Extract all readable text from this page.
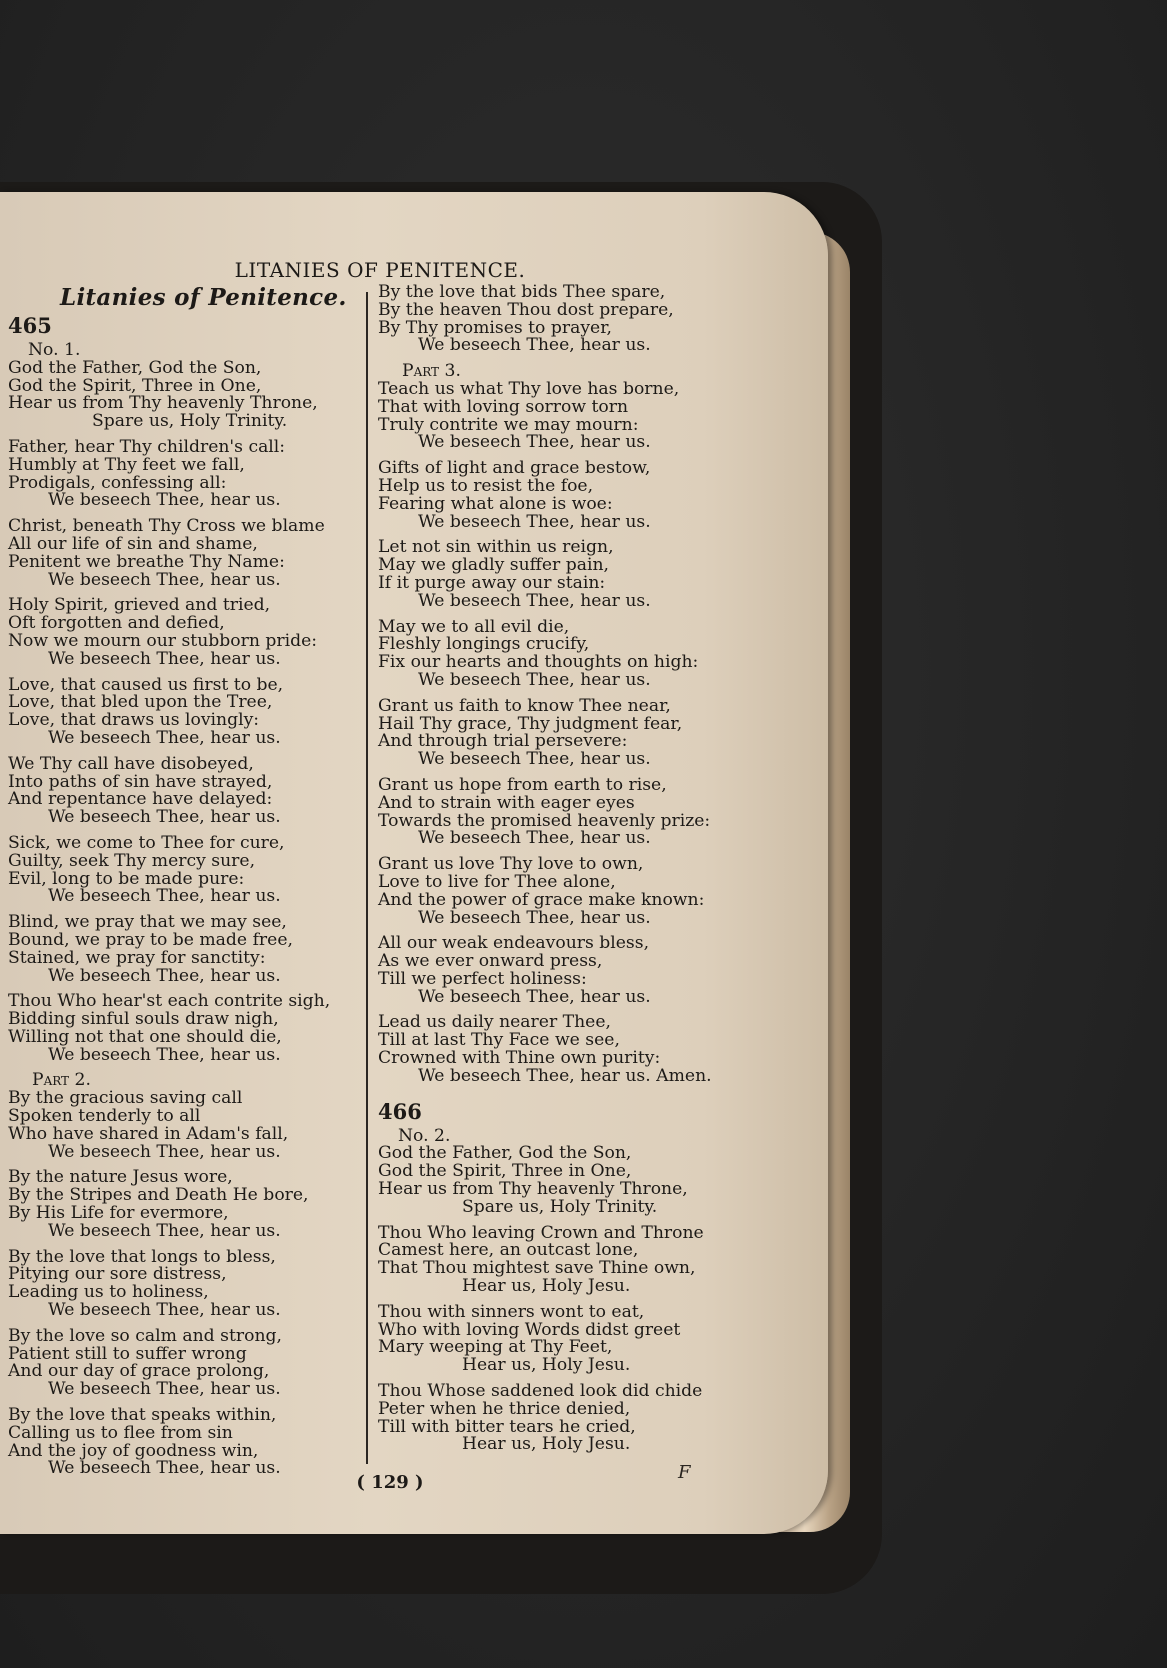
LITANIES OF PENITENCE.
Litanies of Penitence.
465
No. 1.
God the Father, God the Son,
God the Spirit, Three in One,
Hear us from Thy heavenly Throne,
Spare us, Holy Trinity.
Father, hear Thy children's call:
Humbly at Thy feet we fall,
Prodigals, confessing all:
We beseech Thee, hear us.
Christ, beneath Thy Cross we blame
All our life of sin and shame,
Penitent we breathe Thy Name:
We beseech Thee, hear us.
Holy Spirit, grieved and tried,
Oft forgotten and defied,
Now we mourn our stubborn pride:
We beseech Thee, hear us.
Love, that caused us first to be,
Love, that bled upon the Tree,
Love, that draws us lovingly:
We beseech Thee, hear us.
We Thy call have disobeyed,
Into paths of sin have strayed,
And repentance have delayed:
We beseech Thee, hear us.
Sick, we come to Thee for cure,
Guilty, seek Thy mercy sure,
Evil, long to be made pure:
We beseech Thee, hear us.
Blind, we pray that we may see,
Bound, we pray to be made free,
Stained, we pray for sanctity:
We beseech Thee, hear us.
Thou Who hear'st each contrite sigh,
Bidding sinful souls draw nigh,
Willing not that one should die,
We beseech Thee, hear us.
Part 2.
By the gracious saving call
Spoken tenderly to all
Who have shared in Adam's fall,
We beseech Thee, hear us.
By the nature Jesus wore,
By the Stripes and Death He bore,
By His Life for evermore,
We beseech Thee, hear us.
By the love that longs to bless,
Pitying our sore distress,
Leading us to holiness,
We beseech Thee, hear us.
By the love so calm and strong,
Patient still to suffer wrong
And our day of grace prolong,
We beseech Thee, hear us.
By the love that speaks within,
Calling us to flee from sin
And the joy of goodness win,
We beseech Thee, hear us.
By the love that bids Thee spare,
By the heaven Thou dost prepare,
By Thy promises to prayer,
We beseech Thee, hear us.
Part 3.
Teach us what Thy love has borne,
That with loving sorrow torn
Truly contrite we may mourn:
We beseech Thee, hear us.
Gifts of light and grace bestow,
Help us to resist the foe,
Fearing what alone is woe:
We beseech Thee, hear us.
Let not sin within us reign,
May we gladly suffer pain,
If it purge away our stain:
We beseech Thee, hear us.
May we to all evil die,
Fleshly longings crucify,
Fix our hearts and thoughts on high:
We beseech Thee, hear us.
Grant us faith to know Thee near,
Hail Thy grace, Thy judgment fear,
And through trial persevere:
We beseech Thee, hear us.
Grant us hope from earth to rise,
And to strain with eager eyes
Towards the promised heavenly prize:
We beseech Thee, hear us.
Grant us love Thy love to own,
Love to live for Thee alone,
And the power of grace make known:
We beseech Thee, hear us.
All our weak endeavours bless,
As we ever onward press,
Till we perfect holiness:
We beseech Thee, hear us.
Lead us daily nearer Thee,
Till at last Thy Face we see,
Crowned with Thine own purity:
We beseech Thee, hear us. Amen.
466
No. 2.
God the Father, God the Son,
God the Spirit, Three in One,
Hear us from Thy heavenly Throne,
Spare us, Holy Trinity.
Thou Who leaving Crown and Throne
Camest here, an outcast lone,
That Thou mightest save Thine own,
Hear us, Holy Jesu.
Thou with sinners wont to eat,
Who with loving Words didst greet
Mary weeping at Thy Feet,
Hear us, Holy Jesu.
Thou Whose saddened look did chide
Peter when he thrice denied,
Till with bitter tears he cried,
Hear us, Holy Jesu.
( 129 )	F
